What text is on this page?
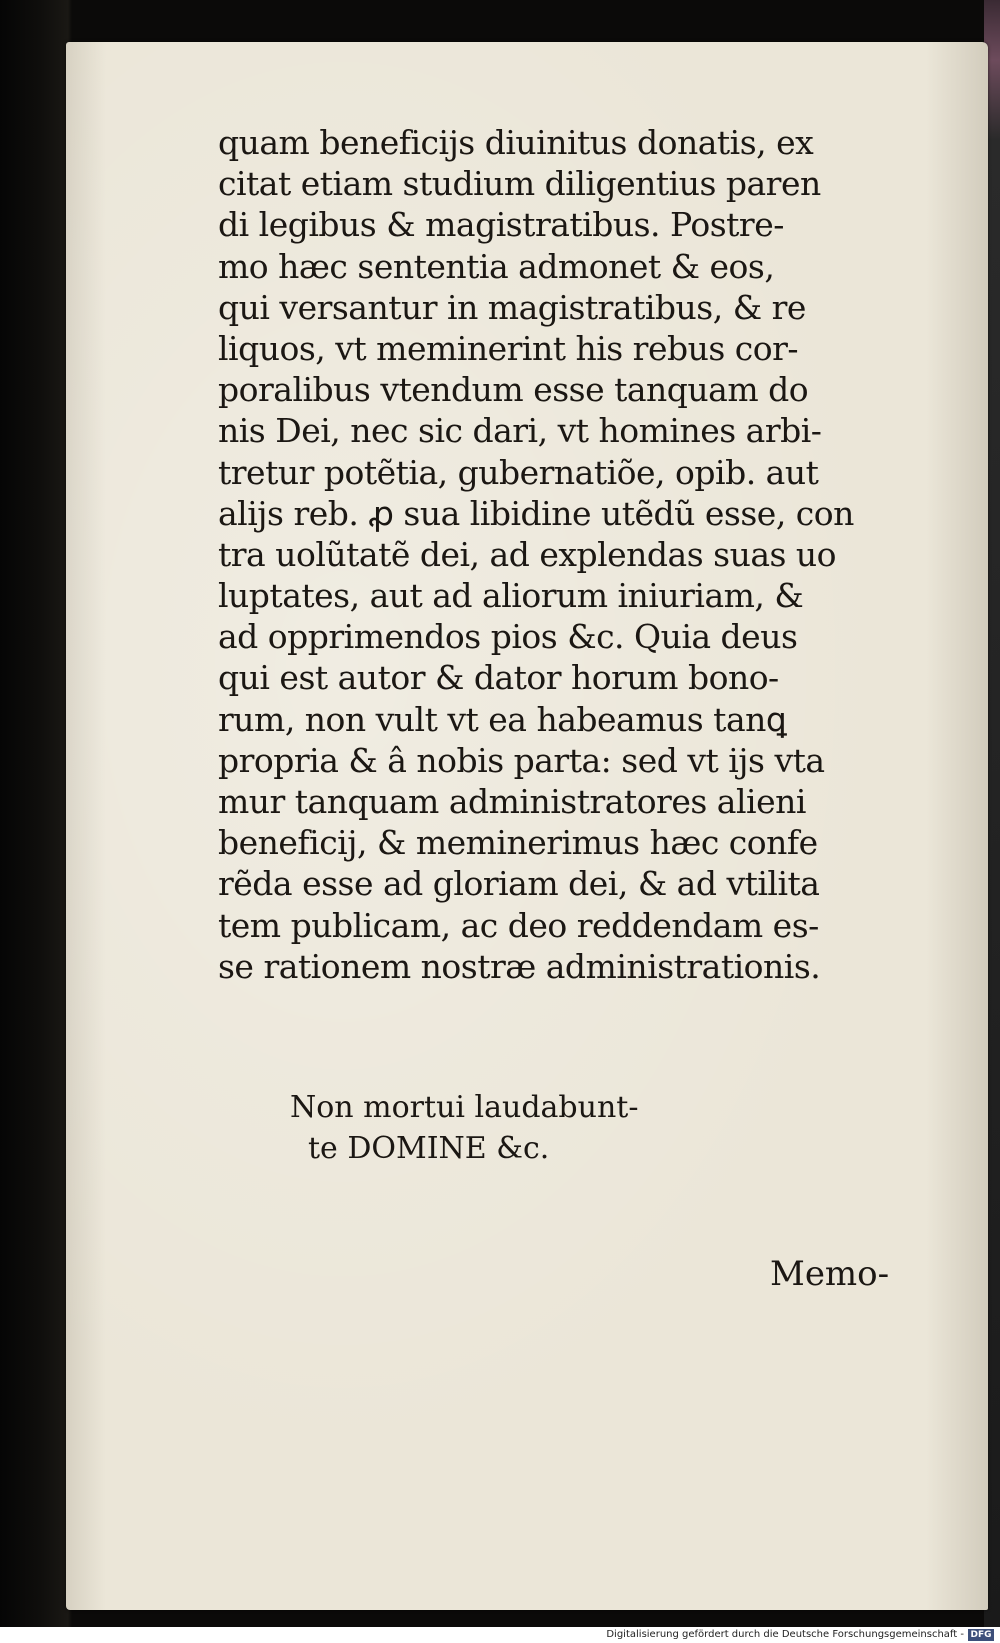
quam beneficijs diuinitus donatis, ex
citat etiam studium diligentius paren
di legibus & magistratibus. Postre-
mo hæc sententia admonet & eos,
qui versantur in magistratibus, & re
liquos, vt meminerint his rebus cor-
poralibus vtendum esse tanquam do
nis Dei, nec sic dari, vt homines arbi-
tretur potẽtia, gubernatiõe, opib. aut
alijs reb. ꝓ sua libidine utẽdũ esse, con
tra uolũtatẽ dei, ad explendas suas uo
luptates, aut ad aliorum iniuriam, &
ad opprimendos pios &c. Quia deus
qui est autor & dator horum bono-
rum, non vult vt ea habeamus tanꝗ
propria & â nobis parta: sed vt ijs vta
mur tanquam administratores alieni
beneficij, & meminerimus hæc confe
rẽda esse ad gloriam dei, & ad vtilita
tem publicam, ac deo reddendam es-
se rationem nostræ administrationis.
Non mortui laudabunt-
te DOMINE &c.
Memo-
Digitalisierung gefördert durch die Deutsche Forschungsgemeinschaft - DFG
